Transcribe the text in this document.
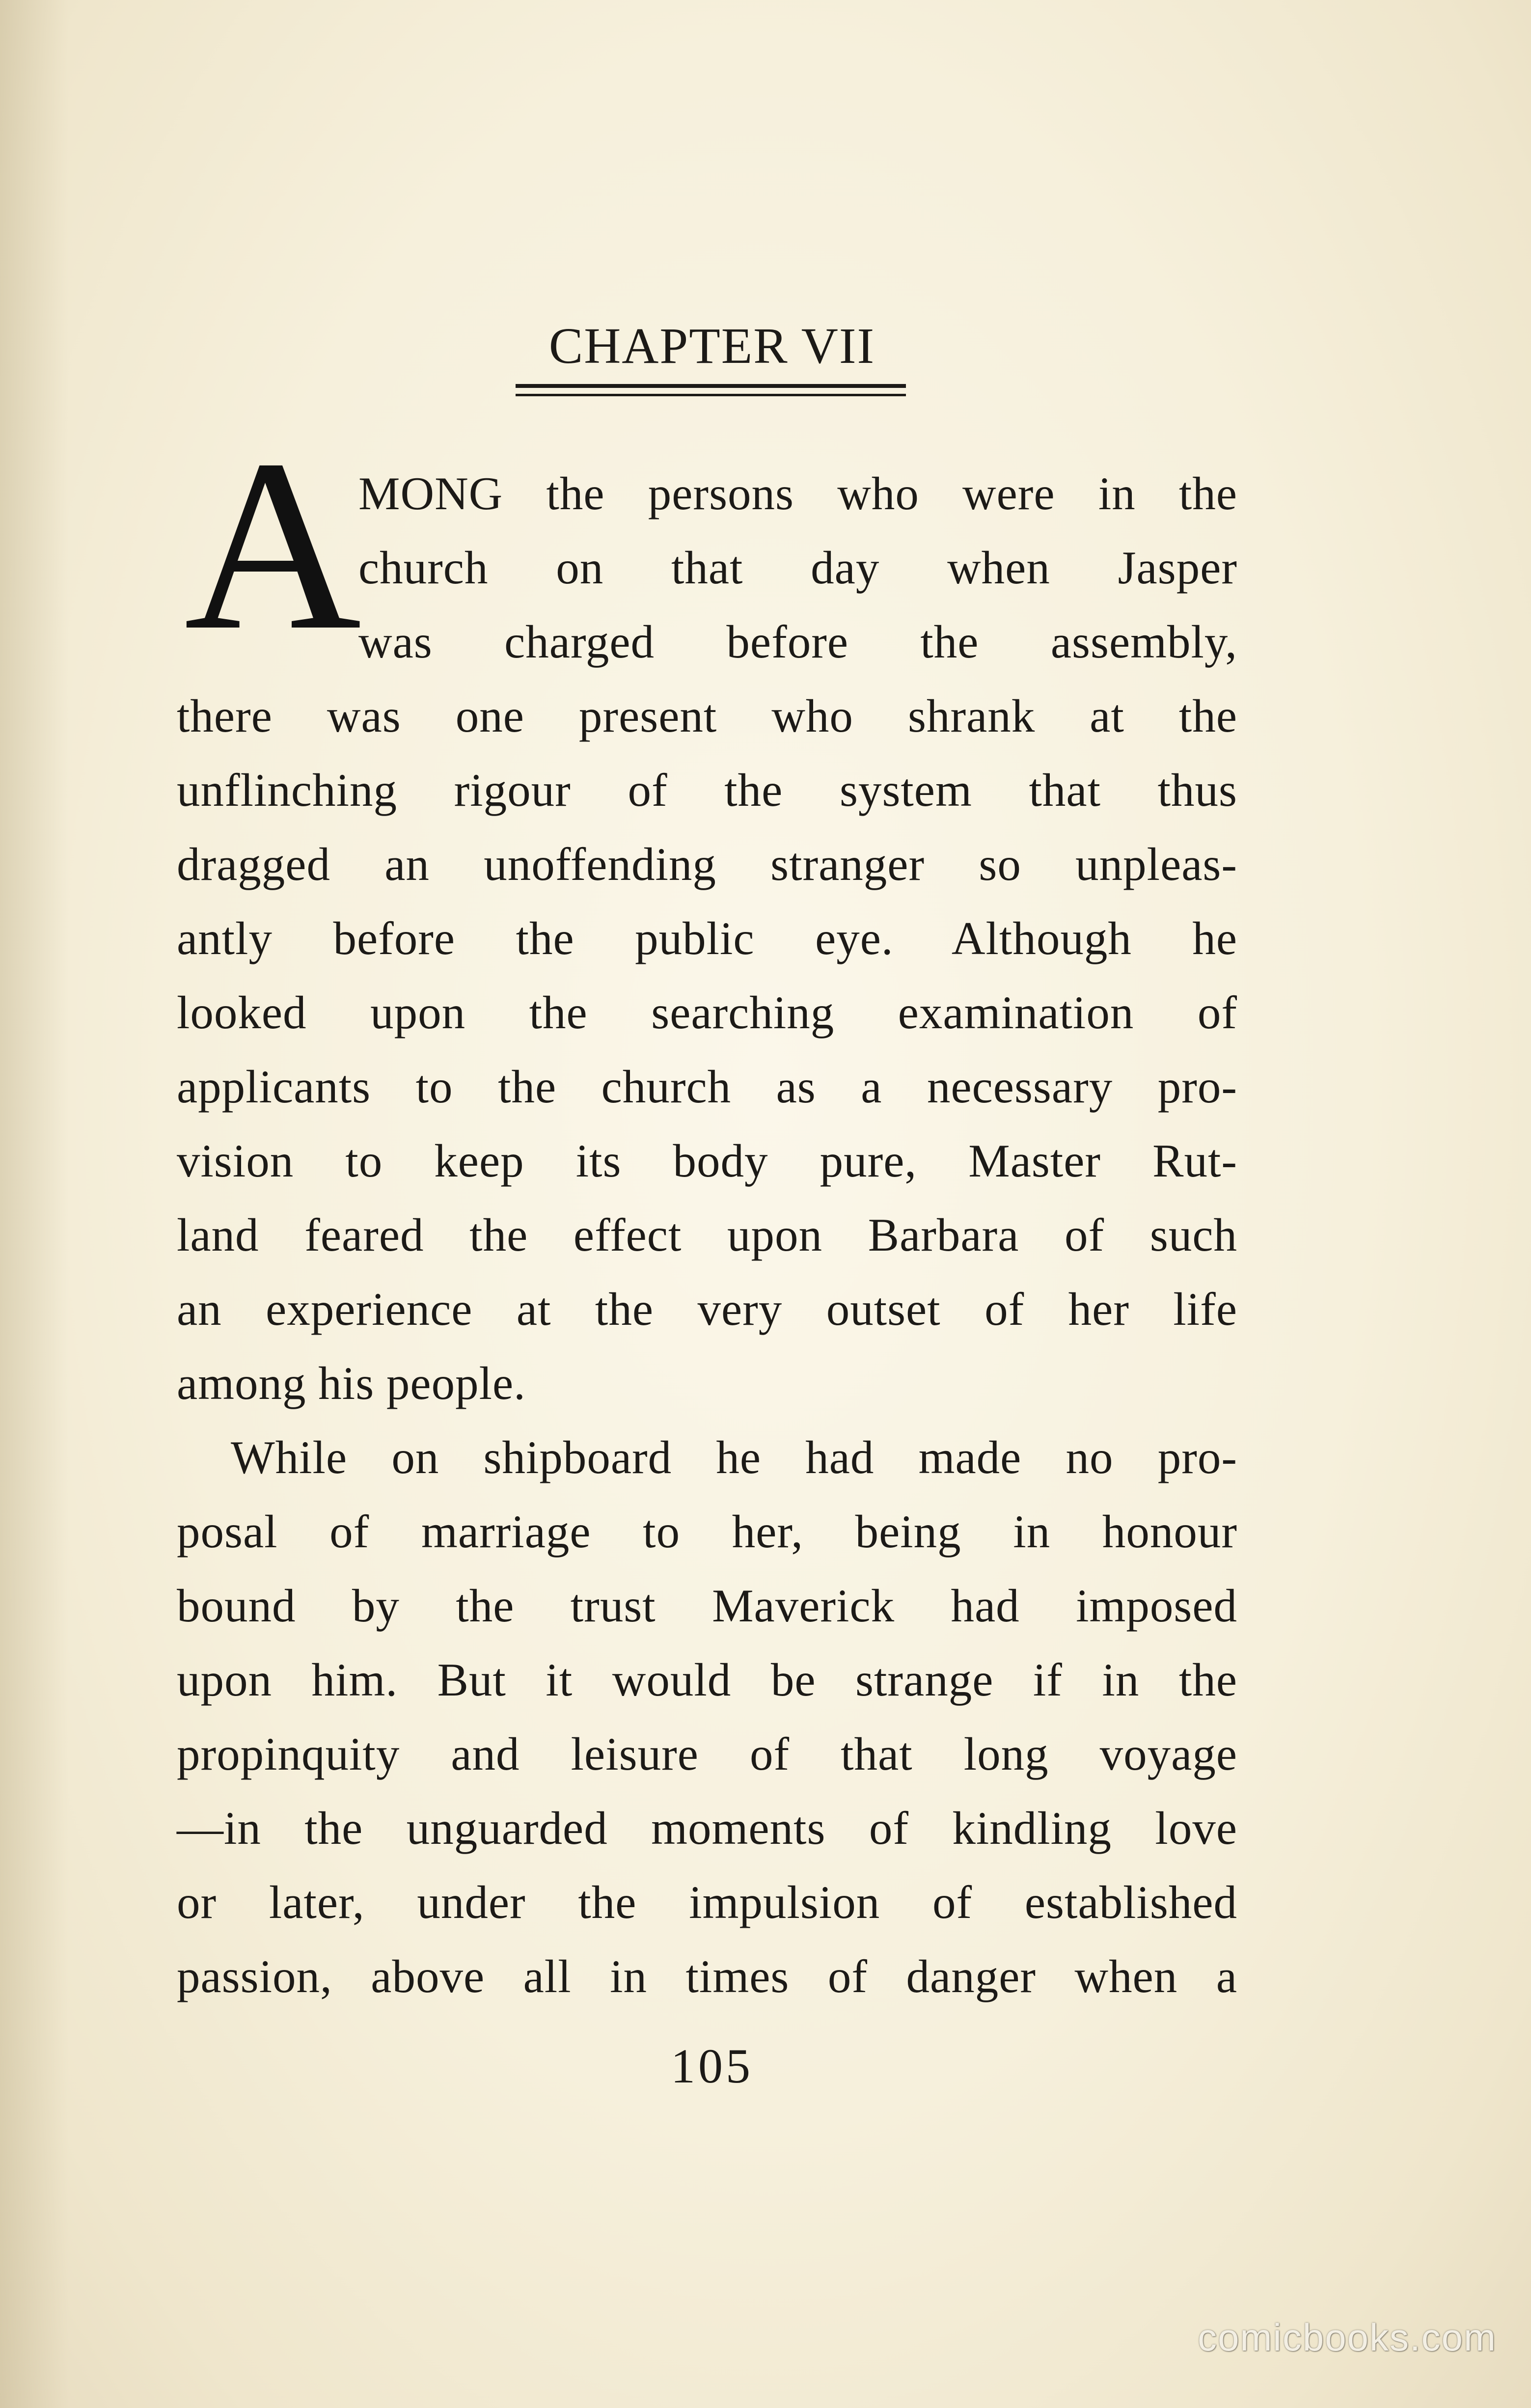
CHAPTER VII
A
MONG the persons who were in the
church on that day when Jasper
was charged before the assembly,
there was one present who shrank at the
unflinching rigour of the system that thus
dragged an unoffending stranger so unpleas-
antly before the public eye. Although he
looked upon the searching examination of
applicants to the church as a necessary pro-
vision to keep its body pure, Master Rut-
land feared the effect upon Barbara of such
an experience at the very outset of her life
among his people.
While on shipboard he had made no pro-
posal of marriage to her, being in honour
bound by the trust Maverick had imposed
upon him. But it would be strange if in the
propinquity and leisure of that long voyage
—in the unguarded moments of kindling love
or later, under the impulsion of established
passion, above all in times of danger when a
105
comicbooks.com
